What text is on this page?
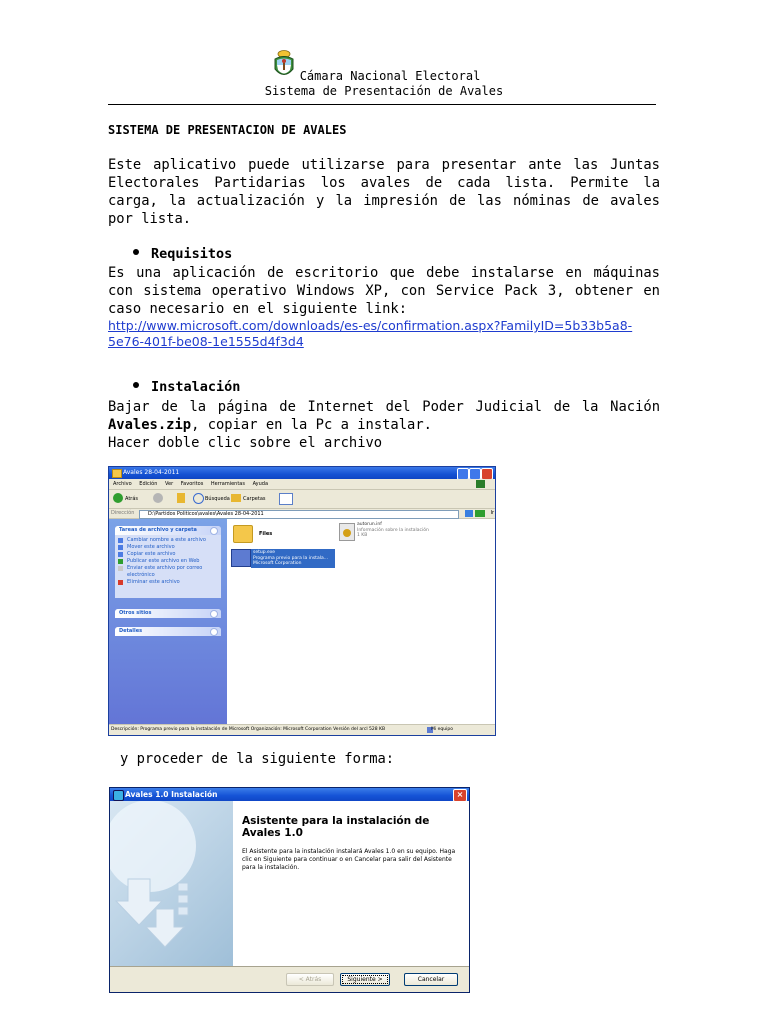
Cámara Nacional Electoral
Sistema de Presentación de Avales
SISTEMA DE PRESENTACION DE AVALES

Este aplicativo puede utilizarse para presentar ante las Juntas Electorales Partidarias los avales de cada lista. Permite la carga, la actualización y la impresión de las nóminas de avales por lista.

Requisitos

Es una aplicación de escritorio que debe instalarse en máquinas con sistema operativo Windows XP, con Service Pack 3, obtener en caso necesario en el siguiente link:

http://www.microsoft.com/downloads/es-es/confirmation.aspx?FamilyID=5b33b5a8-
5e76-401f-be08-1e1555d4f3d4
Instalación

Bajar de la página de Internet del Poder Judicial de la Nación Avales.zip, copiar en la Pc a instalar.

Hacer doble clic sobre el archivo

Avales 28-04-2011
Archivo Edición Ver Favoritos Herramientas Ayuda
Atrás	Búsqueda	Carpetas
Dirección	D:\Partidos Politicos\avales\Avales 28-04-2011	Ir
Tareas de archivo y carpeta
Cambiar nombre a este archivo
Mover este archivo
Copiar este archivo
Publicar este archivo en Web
Enviar este archivo por correo electrónico
Eliminar este archivo
Otros sitios
Detalles
Files
autorun.inf
Información sobre la instalación
1 KB
setup.exe
Programa previo para la instala...
Microsoft Corporation
Descripción: Programa previo para la instalación de Microsoft Organización: Microsoft Corporation Versión del arcl 528 KB	Mi equipo
y proceder de la siguiente forma:
Avales 1.0 Instalación	×
Asistente para la instalación de Avales 1.0
El Asistente para la instalación instalará Avales 1.0 en su equipo. Haga clic en Siguiente para continuar o en Cancelar para salir del Asistente para la instalación.
< Atrás	Siguiente >	Cancelar
